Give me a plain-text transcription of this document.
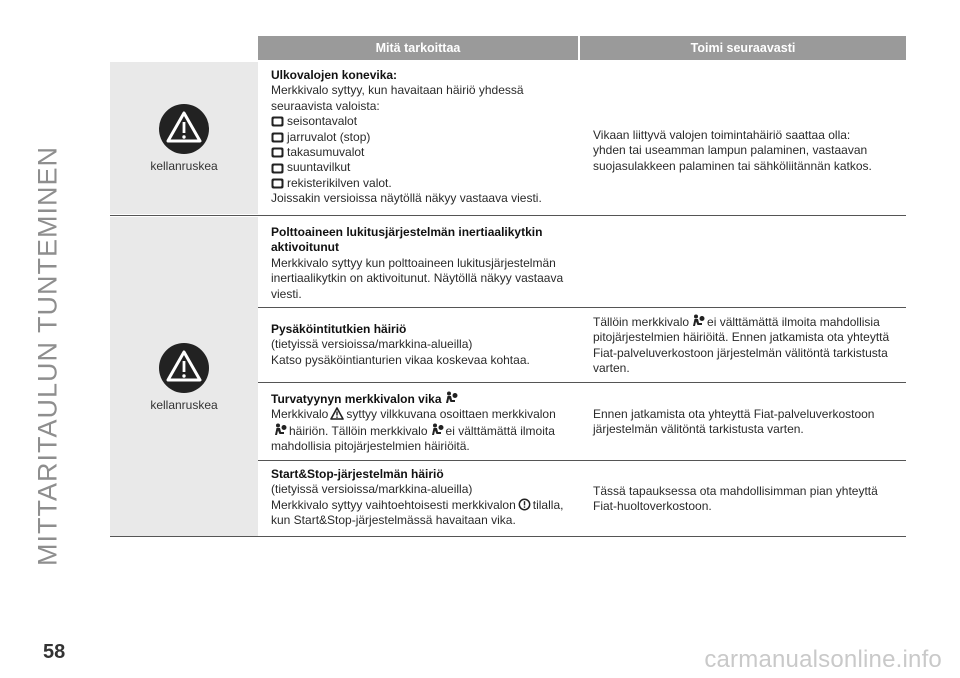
MITTARITAULUN TUNTEMINEN
Mitä tarkoittaa	Toimi seuraavasti
kellanruskea
kellanruskea
Ulkovalojen konevika:
Merkkivalo syttyy, kun havaitaan häiriö yhdessä
seuraavista valoista:
seisontavalot
jarruvalot (stop)
takasumuvalot
suuntavilkut
rekisterikilven valot.
Joissakin versioissa näytöllä näkyy vastaava viesti.
Vikaan liittyvä valojen toimintahäiriö saattaa olla:
yhden tai useamman lampun palaminen, vastaavan
suojasulakkeen palaminen tai sähköliitännän katkos.
Polttoaineen lukitusjärjestelmän inertiaalikytkin
aktivoitunut
Merkkivalo syttyy kun polttoaineen lukitusjärjestelmän
inertiaalikytkin on aktivoitunut. Näytöllä näkyy vastaava
viesti.
Pysäköintitutkien häiriö
(tietyissä versioissa/markkina-alueilla)
Katso pysäköintianturien vikaa koskevaa kohtaa.
Tällöin merkkivalo ei välttämättä ilmoita mahdollisia
pitojärjestelmien häiriöitä. Ennen jatkamista ota yhteyttä
Fiat-palveluverkostoon järjestelmän välitöntä tarkistusta
varten.
Turvatyynyn merkkivalon vika
Merkkivalo syttyy vilkkuvana osoittaen merkkivalon
häiriön. Tällöin merkkivalo ei välttämättä ilmoita
mahdollisia pitojärjestelmien häiriöitä.
Ennen jatkamista ota yhteyttä Fiat-palveluverkostoon
järjestelmän välitöntä tarkistusta varten.
Start&Stop-järjestelmän häiriö
(tietyissä versioissa/markkina-alueilla)
Merkkivalo syttyy vaihtoehtoisesti merkkivalon tilalla,
kun Start&Stop-järjestelmässä havaitaan vika.
Tässä tapauksessa ota mahdollisimman pian yhteyttä
Fiat-huoltoverkostoon.
58	carmanualsonline.info
